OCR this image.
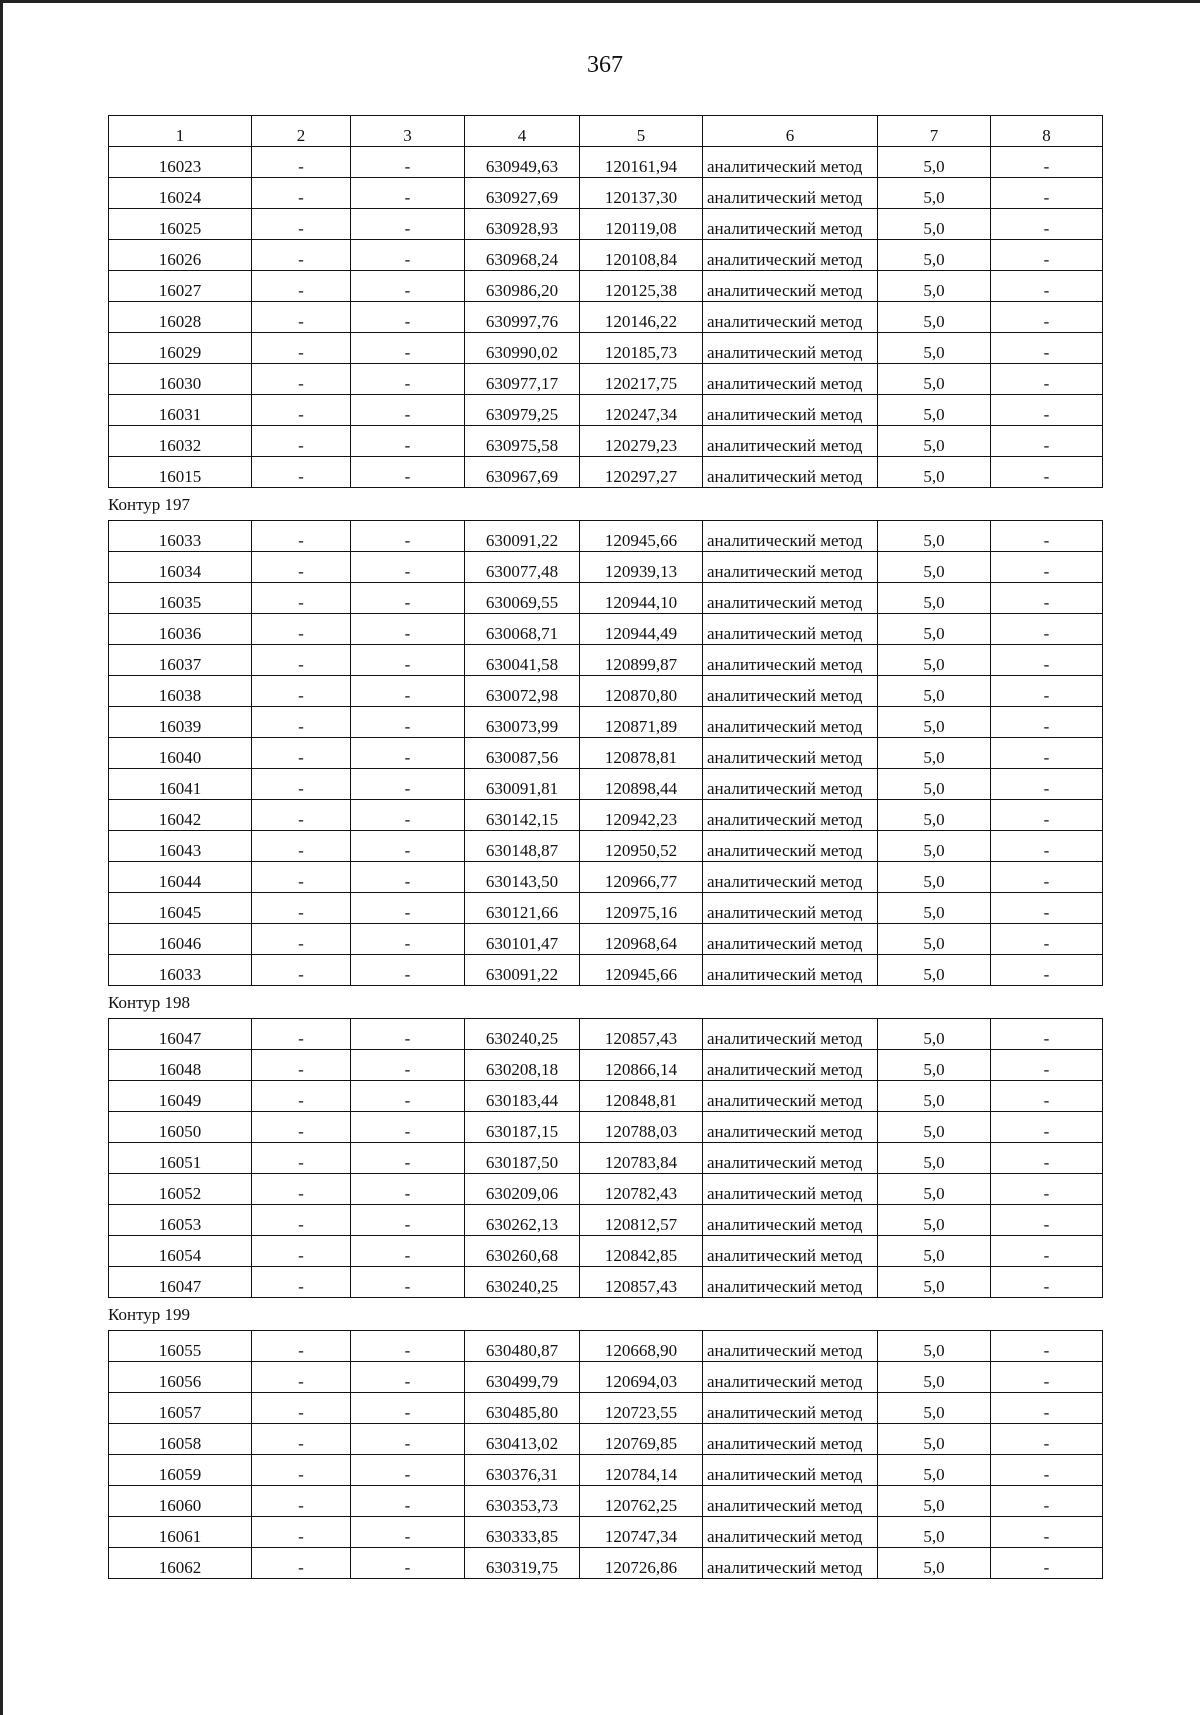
367
1	2	3	4	5	6	7	8
16023	-	-	630949,63	120161,94	аналитический метод	5,0	-
16024	-	-	630927,69	120137,30	аналитический метод	5,0	-
16025	-	-	630928,93	120119,08	аналитический метод	5,0	-
16026	-	-	630968,24	120108,84	аналитический метод	5,0	-
16027	-	-	630986,20	120125,38	аналитический метод	5,0	-
16028	-	-	630997,76	120146,22	аналитический метод	5,0	-
16029	-	-	630990,02	120185,73	аналитический метод	5,0	-
16030	-	-	630977,17	120217,75	аналитический метод	5,0	-
16031	-	-	630979,25	120247,34	аналитический метод	5,0	-
16032	-	-	630975,58	120279,23	аналитический метод	5,0	-
16015	-	-	630967,69	120297,27	аналитический метод	5,0	-
Контур 197
16033	-	-	630091,22	120945,66	аналитический метод	5,0	-
16034	-	-	630077,48	120939,13	аналитический метод	5,0	-
16035	-	-	630069,55	120944,10	аналитический метод	5,0	-
16036	-	-	630068,71	120944,49	аналитический метод	5,0	-
16037	-	-	630041,58	120899,87	аналитический метод	5,0	-
16038	-	-	630072,98	120870,80	аналитический метод	5,0	-
16039	-	-	630073,99	120871,89	аналитический метод	5,0	-
16040	-	-	630087,56	120878,81	аналитический метод	5,0	-
16041	-	-	630091,81	120898,44	аналитический метод	5,0	-
16042	-	-	630142,15	120942,23	аналитический метод	5,0	-
16043	-	-	630148,87	120950,52	аналитический метод	5,0	-
16044	-	-	630143,50	120966,77	аналитический метод	5,0	-
16045	-	-	630121,66	120975,16	аналитический метод	5,0	-
16046	-	-	630101,47	120968,64	аналитический метод	5,0	-
16033	-	-	630091,22	120945,66	аналитический метод	5,0	-
Контур 198
16047	-	-	630240,25	120857,43	аналитический метод	5,0	-
16048	-	-	630208,18	120866,14	аналитический метод	5,0	-
16049	-	-	630183,44	120848,81	аналитический метод	5,0	-
16050	-	-	630187,15	120788,03	аналитический метод	5,0	-
16051	-	-	630187,50	120783,84	аналитический метод	5,0	-
16052	-	-	630209,06	120782,43	аналитический метод	5,0	-
16053	-	-	630262,13	120812,57	аналитический метод	5,0	-
16054	-	-	630260,68	120842,85	аналитический метод	5,0	-
16047	-	-	630240,25	120857,43	аналитический метод	5,0	-
Контур 199
16055	-	-	630480,87	120668,90	аналитический метод	5,0	-
16056	-	-	630499,79	120694,03	аналитический метод	5,0	-
16057	-	-	630485,80	120723,55	аналитический метод	5,0	-
16058	-	-	630413,02	120769,85	аналитический метод	5,0	-
16059	-	-	630376,31	120784,14	аналитический метод	5,0	-
16060	-	-	630353,73	120762,25	аналитический метод	5,0	-
16061	-	-	630333,85	120747,34	аналитический метод	5,0	-
16062	-	-	630319,75	120726,86	аналитический метод	5,0	-
